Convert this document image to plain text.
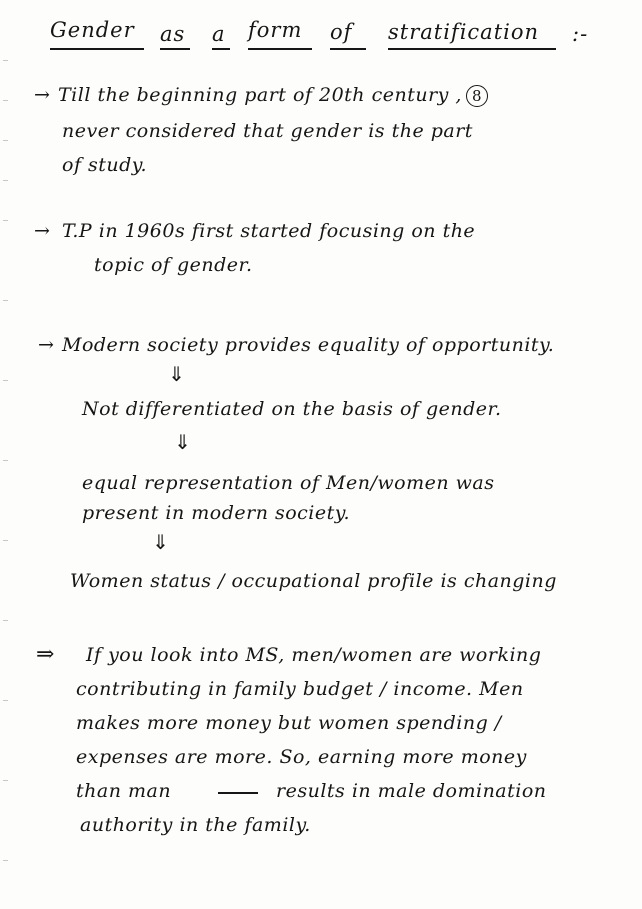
Gender as a form of stratification :-
→ Till the beginning part of 20th century , 8
never considered that gender is the part
of study.
→ T.P in 1960s first started focusing on the
topic of gender.
→ Modern society provides equality of opportunity.
⇓
Not differentiated on the basis of gender.
⇓
equal representation of Men/women was
present in modern society.
⇓
Women status / occupational profile is changing
⇒ If you look into MS, men/women are working
contributing in family budget / income. Men
makes more money but women spending /
expenses are more. So, earning more money
than man	results in male domination
authority in the family.
